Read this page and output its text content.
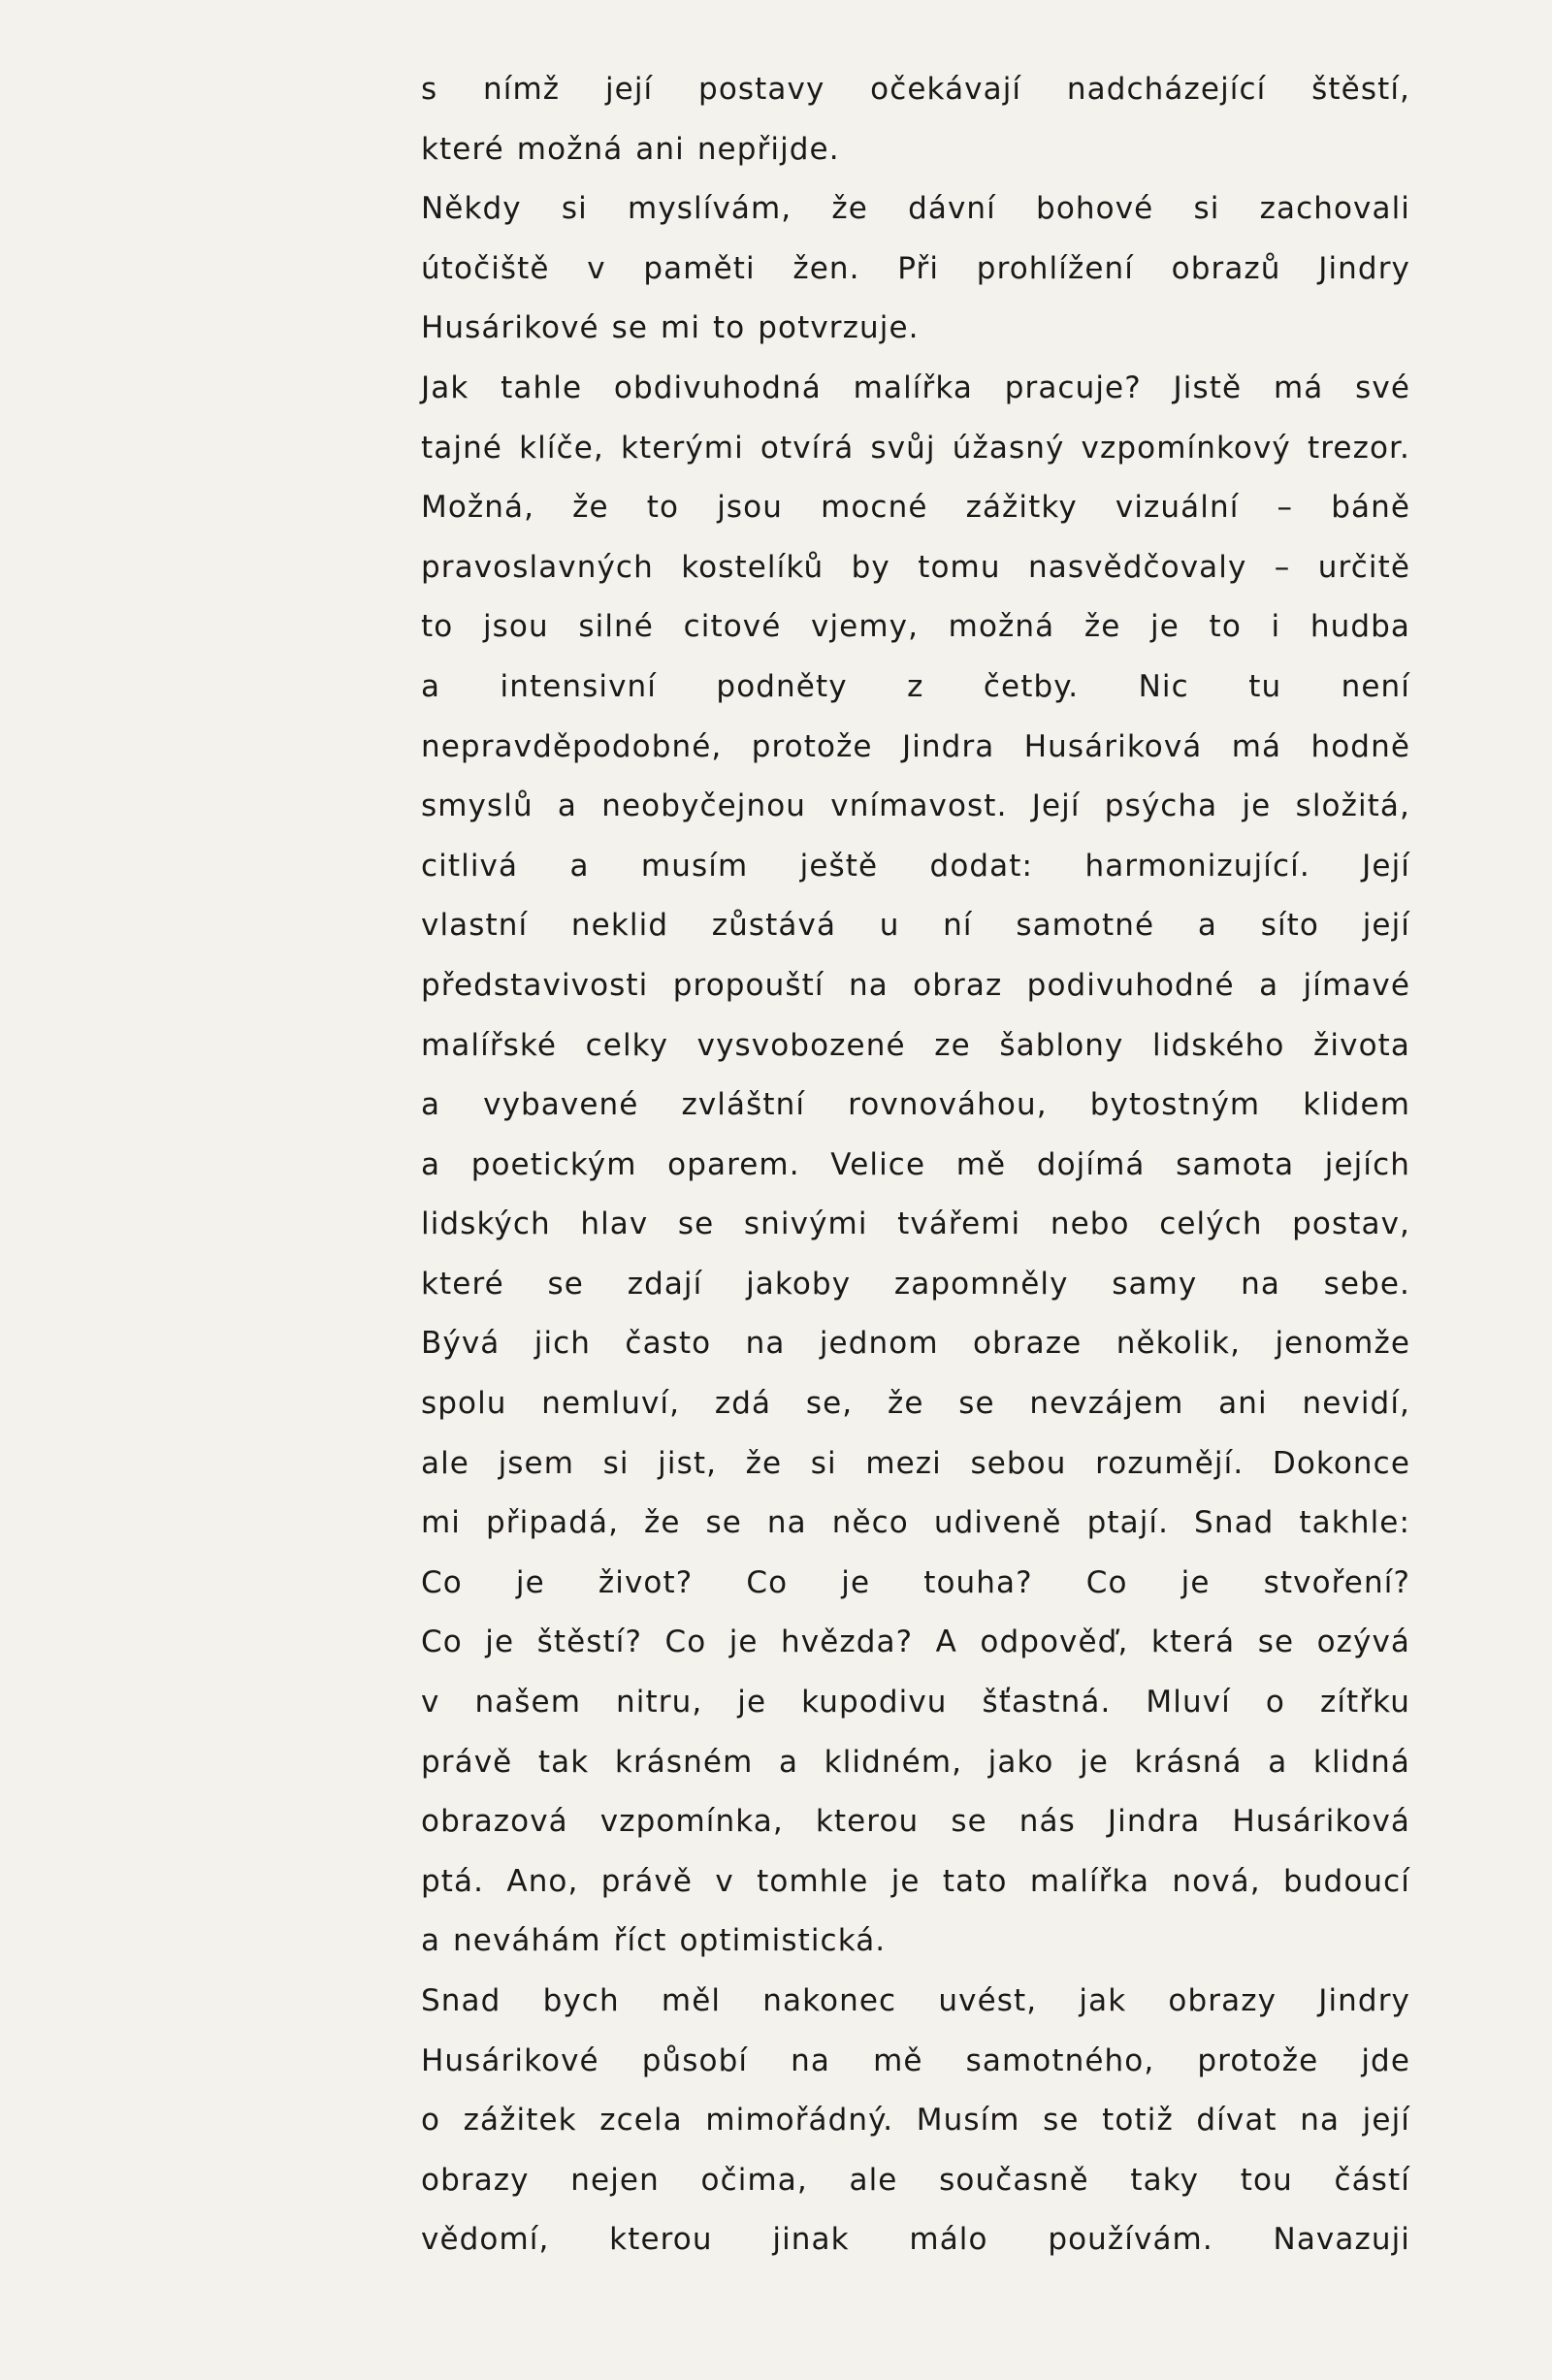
s nímž její postavy očekávají nadcházející štěstí,
které možná ani nepřijde.
Někdy si myslívám, že dávní bohové si zachovali
útočiště v paměti žen. Při prohlížení obrazů Jindry
Husárikové se mi to potvrzuje.
Jak tahle obdivuhodná malířka pracuje? Jistě má své
tajné klíče, kterými otvírá svůj úžasný vzpomínkový trezor.
Možná, že to jsou mocné zážitky vizuální – báně
pravoslavných kostelíků by tomu nasvědčovaly – určitě
to jsou silné citové vjemy, možná že je to i hudba
a intensivní podněty z četby. Nic tu není
nepravděpodobné, protože Jindra Husáriková má hodně
smyslů a neobyčejnou vnímavost. Její psýcha je složitá,
citlivá a musím ještě dodat: harmonizující. Její
vlastní neklid zůstává u ní samotné a síto její
představivosti propouští na obraz podivuhodné a jímavé
malířské celky vysvobozené ze šablony lidského života
a vybavené zvláštní rovnováhou, bytostným klidem
a poetickým oparem. Velice mě dojímá samota jejích
lidských hlav se snivými tvářemi nebo celých postav,
které se zdají jakoby zapomněly samy na sebe.
Bývá jich často na jednom obraze několik, jenomže
spolu nemluví, zdá se, že se nevzájem ani nevidí,
ale jsem si jist, že si mezi sebou rozumějí. Dokonce
mi připadá, že se na něco udiveně ptají. Snad takhle:
Co je život? Co je touha? Co je stvoření?
Co je štěstí? Co je hvězda? A odpověď, která se ozývá
v našem nitru, je kupodivu šťastná. Mluví o zítřku
právě tak krásném a klidném, jako je krásná a klidná
obrazová vzpomínka, kterou se nás Jindra Husáriková
ptá. Ano, právě v tomhle je tato malířka nová, budoucí
a neváhám říct optimistická.
Snad bych měl nakonec uvést, jak obrazy Jindry
Husárikové působí na mě samotného, protože jde
o zážitek zcela mimořádný. Musím se totiž dívat na její
obrazy nejen očima, ale současně taky tou částí
vědomí, kterou jinak málo používám. Navazuji
